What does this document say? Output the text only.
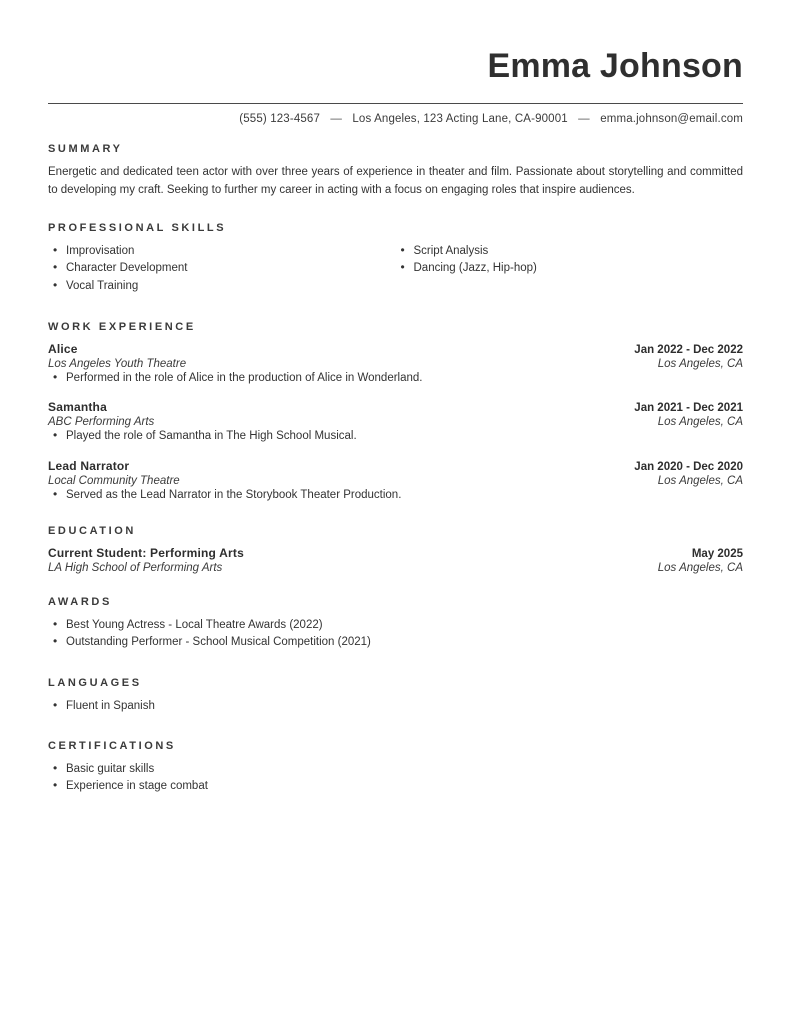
Emma Johnson
(555) 123-4567 — Los Angeles, 123 Acting Lane, CA-90001 — emma.johnson@email.com
SUMMARY
Energetic and dedicated teen actor with over three years of experience in theater and film. Passionate about storytelling and committed to developing my craft. Seeking to further my career in acting with a focus on engaging roles that inspire audiences.
PROFESSIONAL SKILLS
• Improvisation
• Character Development
• Vocal Training
• Script Analysis
• Dancing (Jazz, Hip-hop)
WORK EXPERIENCE
Alice	Jan 2022 - Dec 2022
Los Angeles Youth Theatre	Los Angeles, CA
• Performed in the role of Alice in the production of Alice in Wonderland.
Samantha	Jan 2021 - Dec 2021
ABC Performing Arts	Los Angeles, CA
• Played the role of Samantha in The High School Musical.
Lead Narrator	Jan 2020 - Dec 2020
Local Community Theatre	Los Angeles, CA
• Served as the Lead Narrator in the Storybook Theater Production.
EDUCATION
Current Student: Performing Arts	May 2025
LA High School of Performing Arts	Los Angeles, CA
AWARDS
• Best Young Actress - Local Theatre Awards (2022)
• Outstanding Performer - School Musical Competition (2021)
LANGUAGES
• Fluent in Spanish
CERTIFICATIONS
• Basic guitar skills
• Experience in stage combat
